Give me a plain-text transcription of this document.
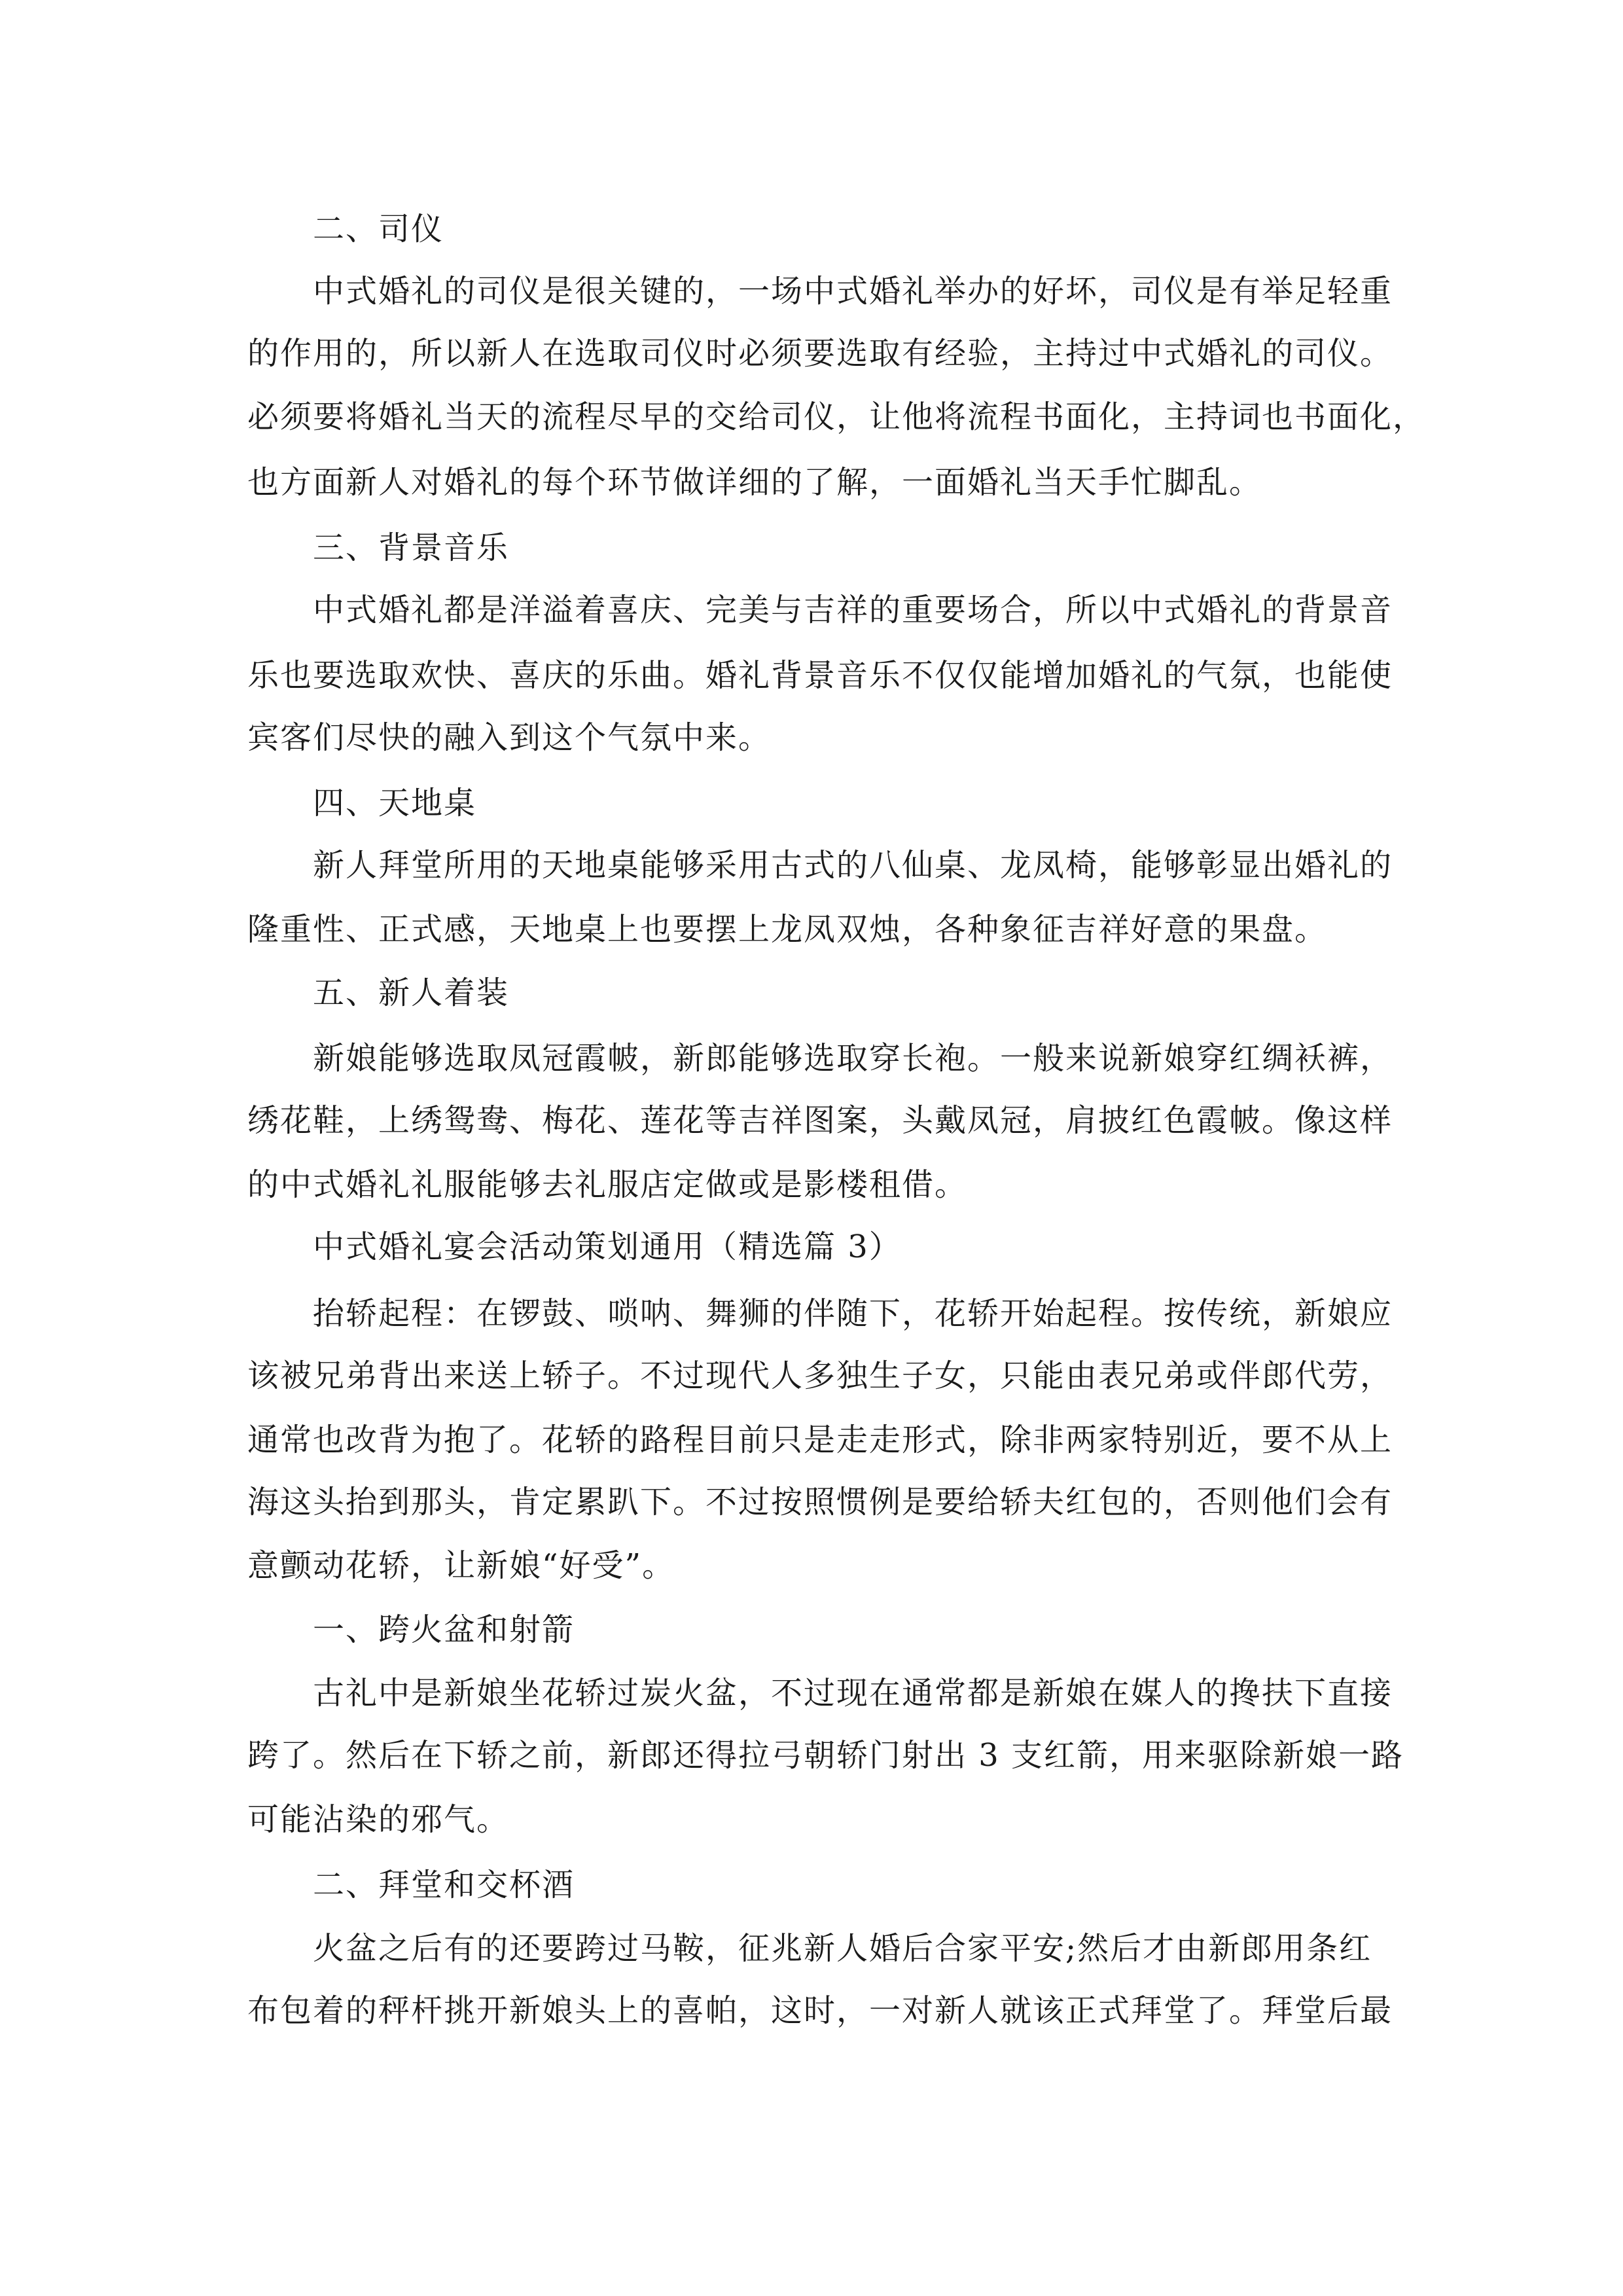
二、司仪
中式婚礼的司仪是很关键的，一场中式婚礼举办的好坏，司仪是有举足轻重
的作用的，所以新人在选取司仪时必须要选取有经验，主持过中式婚礼的司仪。
必须要将婚礼当天的流程尽早的交给司仪，让他将流程书面化，主持词也书面化，
也方面新人对婚礼的每个环节做详细的了解，一面婚礼当天手忙脚乱。
三、背景音乐
中式婚礼都是洋溢着喜庆、完美与吉祥的重要场合，所以中式婚礼的背景音
乐也要选取欢快、喜庆的乐曲。婚礼背景音乐不仅仅能增加婚礼的气氛，也能使
宾客们尽快的融入到这个气氛中来。
四、天地桌
新人拜堂所用的天地桌能够采用古式的八仙桌、龙凤椅，能够彰显出婚礼的
隆重性、正式感，天地桌上也要摆上龙凤双烛，各种象征吉祥好意的果盘。
五、新人着装
新娘能够选取凤冠霞帔，新郎能够选取穿长袍。一般来说新娘穿红绸袄裤，
绣花鞋，上绣鸳鸯、梅花、莲花等吉祥图案，头戴凤冠，肩披红色霞帔。像这样
的中式婚礼礼服能够去礼服店定做或是影楼租借。
中式婚礼宴会活动策划通用（精选篇 3）
抬轿起程：在锣鼓、唢呐、舞狮的伴随下，花轿开始起程。按传统，新娘应
该被兄弟背出来送上轿子。不过现代人多独生子女，只能由表兄弟或伴郎代劳，
通常也改背为抱了。花轿的路程目前只是走走形式，除非两家特别近，要不从上
海这头抬到那头，肯定累趴下。不过按照惯例是要给轿夫红包的，否则他们会有
意颤动花轿，让新娘“好受”。
一、跨火盆和射箭
古礼中是新娘坐花轿过炭火盆，不过现在通常都是新娘在媒人的搀扶下直接
跨了。然后在下轿之前，新郎还得拉弓朝轿门射出 3 支红箭，用来驱除新娘一路
可能沾染的邪气。
二、拜堂和交杯酒
火盆之后有的还要跨过马鞍，征兆新人婚后合家平安;然后才由新郎用条红
布包着的秤杆挑开新娘头上的喜帕，这时，一对新人就该正式拜堂了。拜堂后最
